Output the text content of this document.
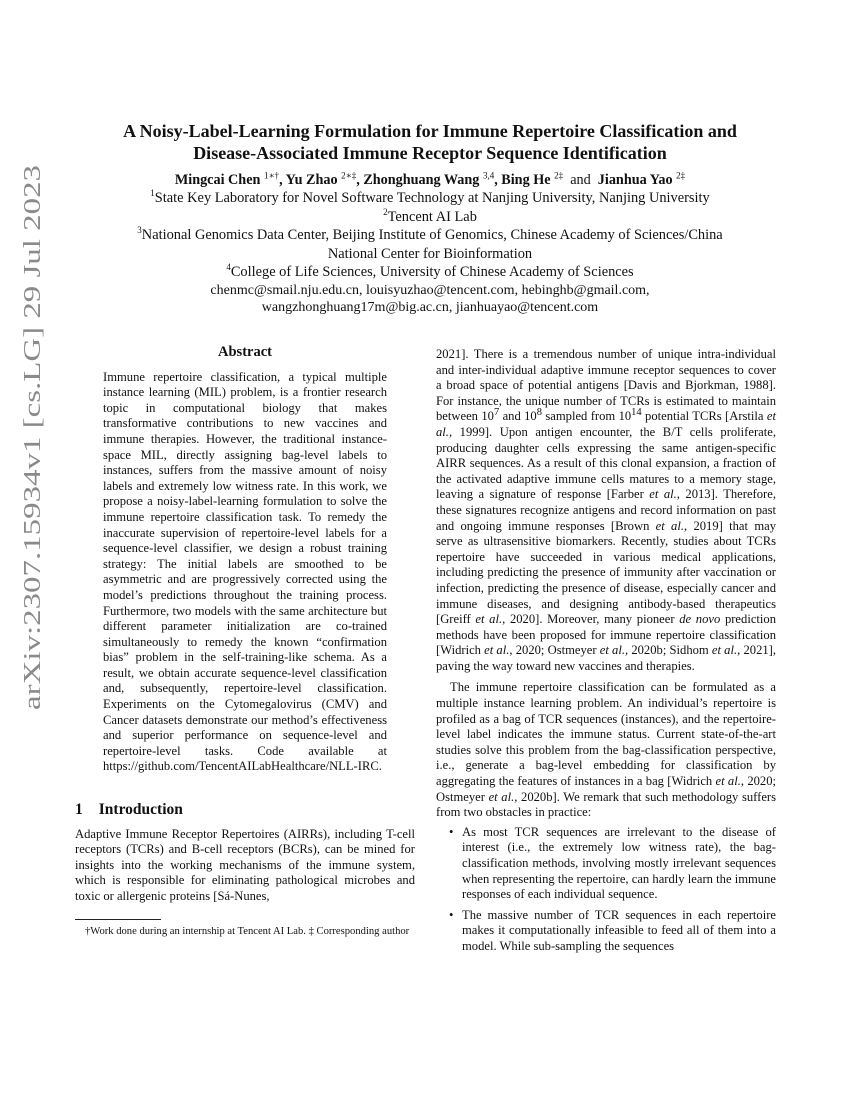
arXiv:2307.15934v1 [cs.LG] 29 Jul 2023
A Noisy-Label-Learning Formulation for Immune Repertoire Classification and
Disease-Associated Immune Receptor Sequence Identification
Mingcai Chen $^{1∗\dagger}$, Yu Zhao $^{2∗\ddagger}$, Zhonghuang Wang $^{3,4}$, Bing He $^{2\ddagger}$ and Jianhua Yao $^{2\ddagger}$
$^1$State Key Laboratory for Novel Software Technology at Nanjing University, Nanjing University
$^2$Tencent AI Lab
$^3$National Genomics Data Center, Beijing Institute of Genomics, Chinese Academy of Sciences/China
National Center for Bioinformation
$^4$College of Life Sciences, University of Chinese Academy of Sciences
chenmc@smail.nju.edu.cn, louisyuzhao@tencent.com, hebinghb@gmail.com,
wangzhonghuang17m@big.ac.cn, jianhuayao@tencent.com
Abstract

Immune repertoire classification, a typical multiple instance learning (MIL) problem, is a frontier research topic in computational biology that makes transformative contributions to new vaccines and immune therapies. However, the traditional instance-space MIL, directly assigning bag-level labels to instances, suffers from the massive amount of noisy labels and extremely low witness rate. In this work, we propose a noisy-label-learning formulation to solve the immune repertoire classification task. To remedy the inaccurate supervision of repertoire-level labels for a sequence-level classifier, we design a robust training strategy: The initial labels are smoothed to be asymmetric and are progressively corrected using the model’s predictions throughout the training process. Furthermore, two models with the same architecture but different parameter initialization are co-trained simultaneously to remedy the known “confirmation bias” problem in the self-training-like schema. As a result, we obtain accurate sequence-level classification and, subsequently, repertoire-level classification. Experiments on the Cytomegalovirus (CMV) and Cancer datasets demonstrate our method’s effectiveness and superior performance on sequence-level and repertoire-level tasks. Code available at https://github.com/TencentAILabHealthcare/NLL-IRC.

1 Introduction

Adaptive Immune Receptor Repertoires (AIRRs), including T-cell receptors (TCRs) and B-cell receptors (BCRs), can be mined for insights into the working mechanisms of the immune system, which is responsible for eliminating pathological microbes and toxic or allergenic proteins [Sá-Nunes,

†Work done during an internship at Tencent AI Lab. ‡ Corresponding author

2021]. There is a tremendous number of unique intra-individual and inter-individual adaptive immune receptor sequences to cover a broad space of potential antigens [Davis and Bjorkman, 1988]. For instance, the unique number of TCRs is estimated to maintain between $10^7$ and $10^8$ sampled from $10^{14}$ potential TCRs [Arstila et al., 1999]. Upon antigen encounter, the B/T cells proliferate, producing daughter cells expressing the same antigen-specific AIRR sequences. As a result of this clonal expansion, a fraction of the activated adaptive immune cells matures to a memory stage, leaving a signature of response [Farber et al., 2013]. Therefore, these signatures recognize antigens and record information on past and ongoing immune responses [Brown et al., 2019] that may serve as ultrasensitive biomarkers. Recently, studies about TCRs repertoire have succeeded in various medical applications, including predicting the presence of immunity after vaccination or infection, predicting the presence of disease, especially cancer and immune diseases, and designing antibody-based therapeutics [Greiff et al., 2020]. Moreover, many pioneer de novo prediction methods have been proposed for immune repertoire classification [Widrich et al., 2020; Ostmeyer et al., 2020b; Sidhom et al., 2021], paving the way toward new vaccines and therapies.

The immune repertoire classification can be formulated as a multiple instance learning problem. An individual’s repertoire is profiled as a bag of TCR sequences (instances), and the repertoire-level label indicates the immune status. Current state-of-the-art studies solve this problem from the bag-classification perspective, i.e., generate a bag-level embedding for classification by aggregating the features of instances in a bag [Widrich et al., 2020; Ostmeyer et al., 2020b]. We remark that such methodology suffers from two obstacles in practice:

• As most TCR sequences are irrelevant to the disease of interest (i.e., the extremely low witness rate), the bag-classification methods, involving mostly irrelevant sequences when representing the repertoire, can hardly learn the immune responses of each individual sequence.
• The massive number of TCR sequences in each repertoire makes it computationally infeasible to feed all of them into a model. While sub-sampling the sequences
